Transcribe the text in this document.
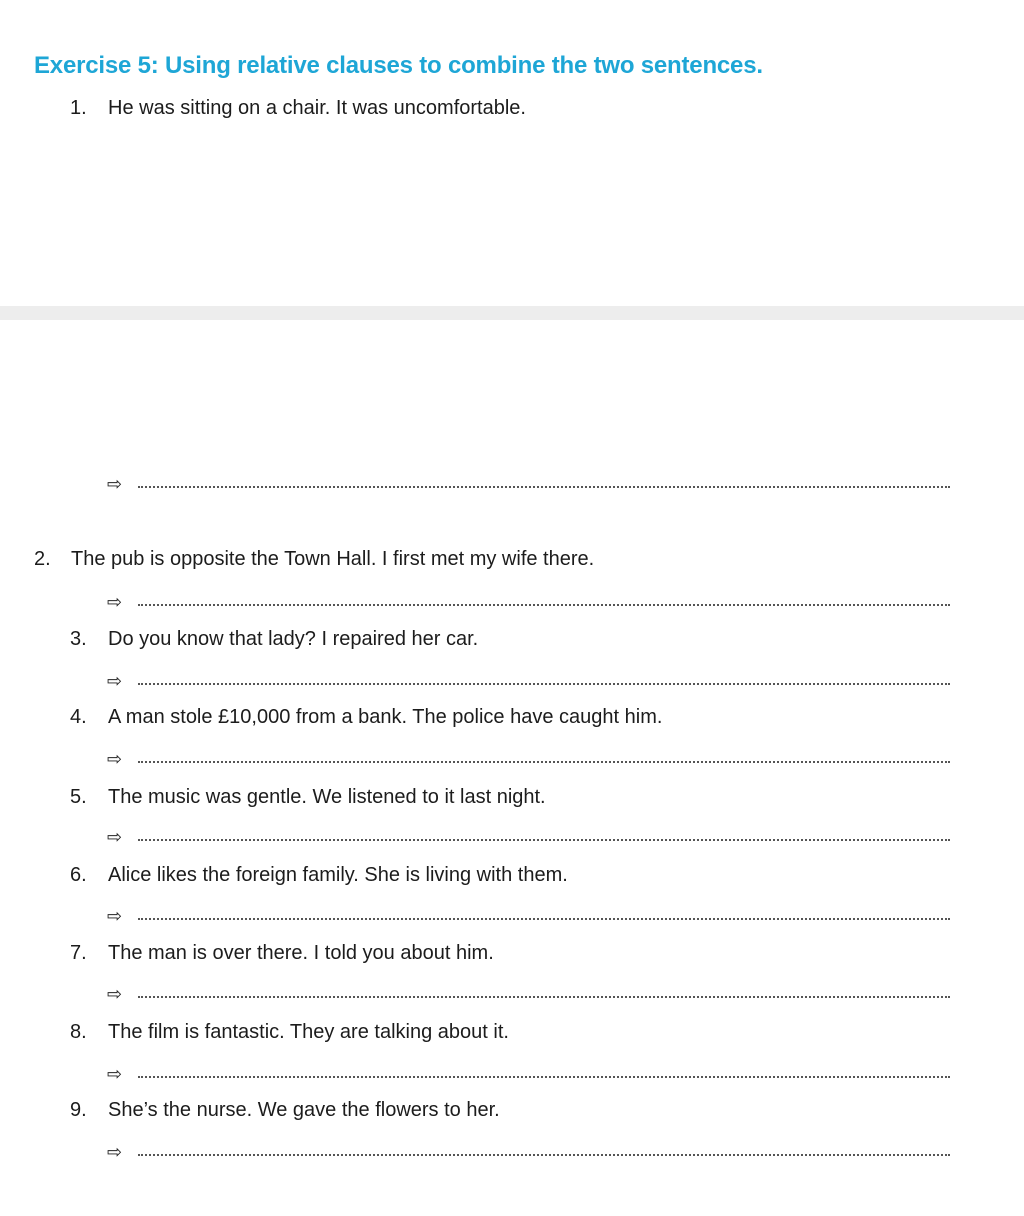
Exercise 5: Using relative clauses to combine the two sentences.
1. He was sitting on a chair. It was uncomfortable.
⇨
2. The pub is opposite the Town Hall. I first met my wife there.
⇨
3. Do you know that lady? I repaired her car.
⇨
4. A man stole £10,000 from a bank. The police have caught him.
⇨
5. The music was gentle. We listened to it last night.
⇨
6. Alice likes the foreign family. She is living with them.
⇨
7. The man is over there. I told you about him.
⇨
8. The film is fantastic. They are talking about it.
⇨
9. She’s the nurse. We gave the flowers to her.
⇨
